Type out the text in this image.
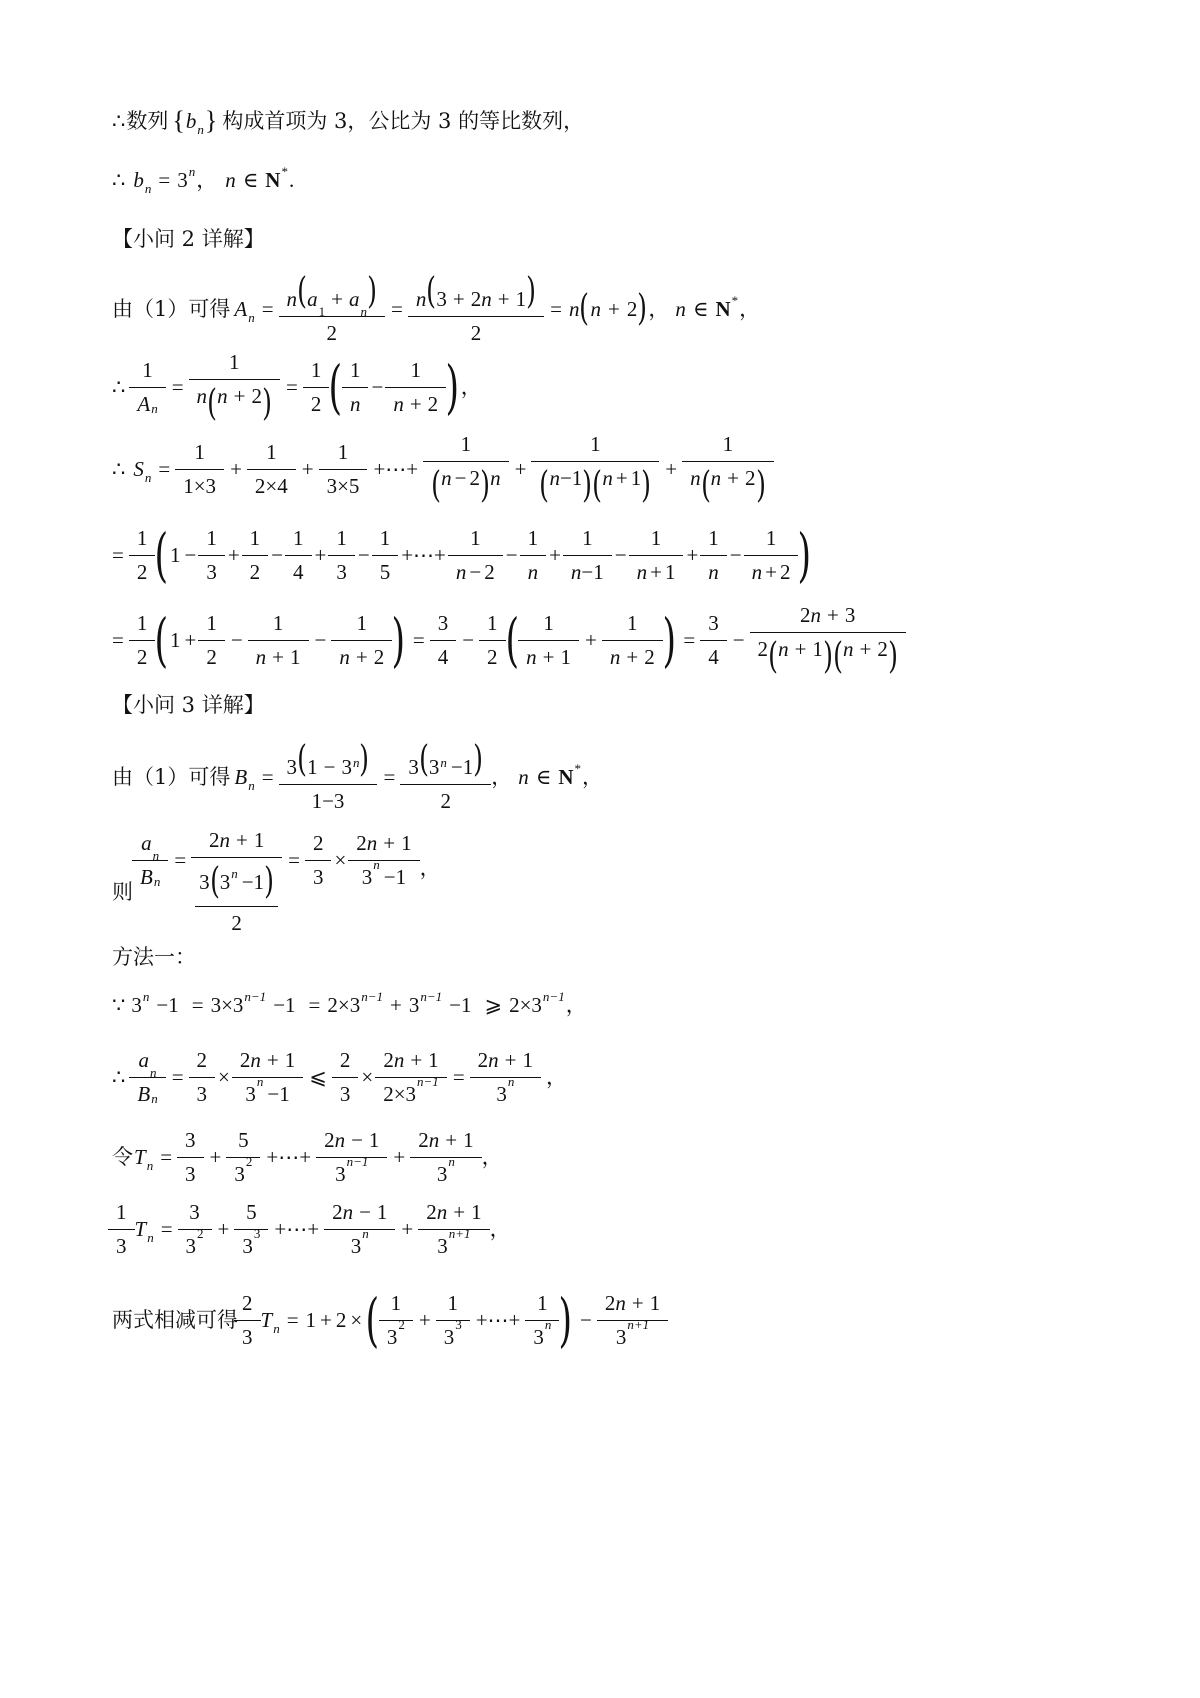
∴ 数列 { b n } 构成首项为 3，公比为 3 的等比数列，
∴ b n = 3 n ， n ∈ N * .
【小问 2 详解】
由（1）可得 A n = n ( a
1
+ a
n )
$2 = \frac{n ( 3 + 2 n + 1 )}{2} = n$ ( n + 2 ) ， n ∈ N * ，
∴ $\frac{1}{\text{A n}} = \frac{1}{n ( n + 2 )} = \frac{1}{2}$ ( $\frac{1}{n} - \frac{1}{n + 2}$ ) ，
∴ S $n = \frac{1}{1\times 3} + \frac{1}{2\times 4} + \frac{1}{3\times 5}$ +⋯+ $\frac{1}{( n - 2 ) n} + \frac{1}{( n -1 ) ( n + 1 )} + \frac{1}{n ( n + 2 )}$
= $\frac{1}{2}$ ( $1 - \frac{1}{3} + \frac{1}{2} - \frac{1}{4} + \frac{1}{3} - \frac{1}{5}$ +⋯+ $\frac{1}{n - 2} - \frac{1}{n} + \frac{1}{n -1} - \frac{1}{n + 1} + \frac{1}{n} - \frac{1}{n + 2}$ )
= $\frac{1}{2}$ ( $1 + \frac{1}{2} - \frac{1}{n + 1} - \frac{1}{n + 2}$ ) = $\frac{3}{4} - \frac{1}{2}$ ( $\frac{1}{n + 1} + \frac{1}{n + 2}$ ) = $\frac{3}{4} - \frac{2 n + 3}{2 ( n + 1 ) ( n + 2 )}$
【小问 3 详解】
由（1）可得 B $n = \frac{3 ( 1 - 3 n )}{1-3} = \frac{3 ( 3 n -1 )}{2}$ ， n ∈ N * ，
则
a
n
B n = 2 n + 1
3 ( 3 n −1 )
$2 = \frac{2}{3} \times 2$ n + 1
3
n
−1 ，
方法一：
∵ 3 n −1 = 3×3 n−1 −1 = 2×3 n−1 + 3 n−1 −1 ⩾ 2×3 n−1 ，
∴ a
n
B $n = \frac{2}{3} \times 2$ n + 1
3
n
−1 ⩽ $\frac{2}{3} \times 2$ n + 1
2×3
n−1 = 2 n + 1
3
n ，
令 T $n = \frac{3}{3} + 5$
3
2 +⋯+ 2 n − 1
3
n−1 + 2 n + 1
3
n ，
$\frac{1}{3}$ T n = 3
3
2 + 5
3
3 +⋯+ 2 n − 1
3
n + 2 n + 1
3
n+1 ，
两式相减可得 $\frac{2}{3}$ T n = 1 + 2 × ( 1
3
2 + 1
3
3 +⋯+ 1
3
n ) − 2 n + 1
3
n+1
